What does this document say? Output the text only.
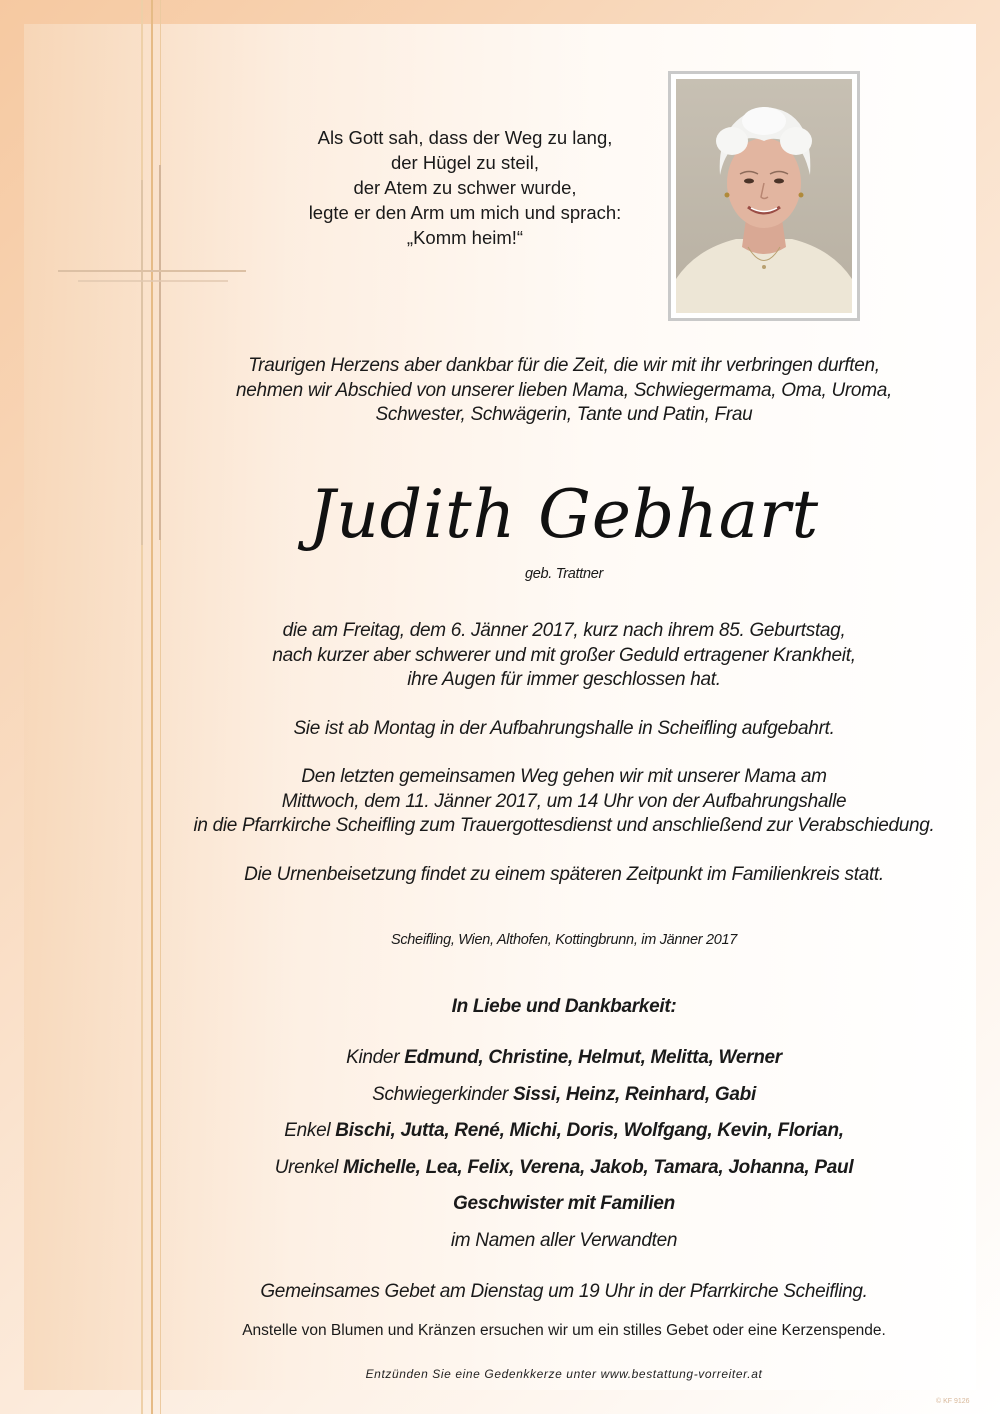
Als Gott sah, dass der Weg zu lang,
der Hügel zu steil,
der Atem zu schwer wurde,
legte er den Arm um mich und sprach:
„Komm heim!“
Traurigen Herzens aber dankbar für die Zeit, die wir mit ihr verbringen durften,
nehmen wir Abschied von unserer lieben Mama, Schwiegermama, Oma, Uroma,
Schwester, Schwägerin, Tante und Patin, Frau
Judith Gebhart
geb. Trattner
die am Freitag, dem 6. Jänner 2017, kurz nach ihrem 85. Geburtstag,
nach kurzer aber schwerer und mit großer Geduld ertragener Krankheit,
ihre Augen für immer geschlossen hat.
Sie ist ab Montag in der Aufbahrungshalle in Scheifling aufgebahrt.
Den letzten gemeinsamen Weg gehen wir mit unserer Mama am
Mittwoch, dem 11. Jänner 2017, um 14 Uhr von der Aufbahrungshalle
in die Pfarrkirche Scheifling zum Trauergottesdienst und anschließend zur Verabschiedung.
Die Urnenbeisetzung findet zu einem späteren Zeitpunkt im Familienkreis statt.
Scheifling, Wien, Althofen, Kottingbrunn, im Jänner 2017
In Liebe und Dankbarkeit:
Kinder Edmund, Christine, Helmut, Melitta, Werner
Schwiegerkinder Sissi, Heinz, Reinhard, Gabi
Enkel Bischi, Jutta, René, Michi, Doris, Wolfgang, Kevin, Florian,
Urenkel Michelle, Lea, Felix, Verena, Jakob, Tamara, Johanna, Paul
Geschwister mit Familien
im Namen aller Verwandten
Gemeinsames Gebet am Dienstag um 19 Uhr in der Pfarrkirche Scheifling.
Anstelle von Blumen und Kränzen ersuchen wir um ein stilles Gebet oder eine Kerzenspende.
Entzünden Sie eine Gedenkkerze unter www.bestattung-vorreiter.at
© KF 9126
